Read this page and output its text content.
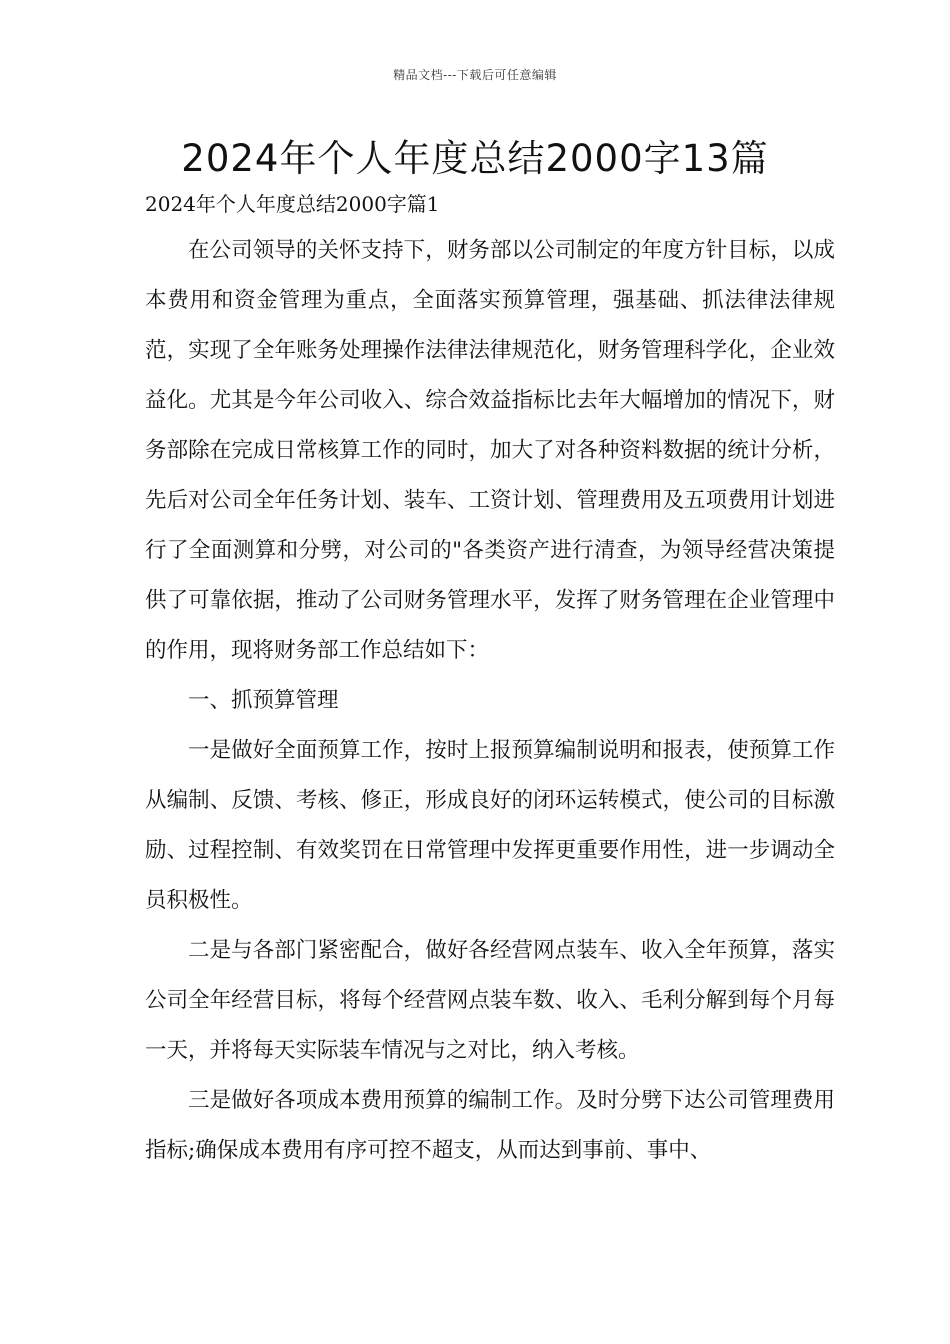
精品文档---下载后可任意编辑
2024年个人年度总结2000字13篇
2024年个人年度总结2000字篇1

在公司领导的关怀支持下，财务部以公司制定的年度方针目标，以成本费用和资金管理为重点，全面落实预算管理，强基础、抓法律法律规范，实现了全年账务处理操作法律法律规范化，财务管理科学化，企业效益化。尤其是今年公司收入、综合效益指标比去年大幅增加的情况下，财务部除在完成日常核算工作的同时，加大了对各种资料数据的统计分析，先后对公司全年任务计划、装车、工资计划、管理费用及五项费用计划进行了全面测算和分劈，对公司的"各类资产进行清查，为领导经营决策提供了可靠依据，推动了公司财务管理水平，发挥了财务管理在企业管理中的作用，现将财务部工作总结如下：

一、抓预算管理

一是做好全面预算工作，按时上报预算编制说明和报表，使预算工作从编制、反馈、考核、修正，形成良好的闭环运转模式，使公司的目标激励、过程控制、有效奖罚在日常管理中发挥更重要作用性，进一步调动全员积极性。

二是与各部门紧密配合，做好各经营网点装车、收入全年预算，落实公司全年经营目标，将每个经营网点装车数、收入、毛利分解到每个月每一天，并将每天实际装车情况与之对比，纳入考核。

三是做好各项成本费用预算的编制工作。及时分劈下达公司管理费用指标;确保成本费用有序可控不超支，从而达到事前、事中、
